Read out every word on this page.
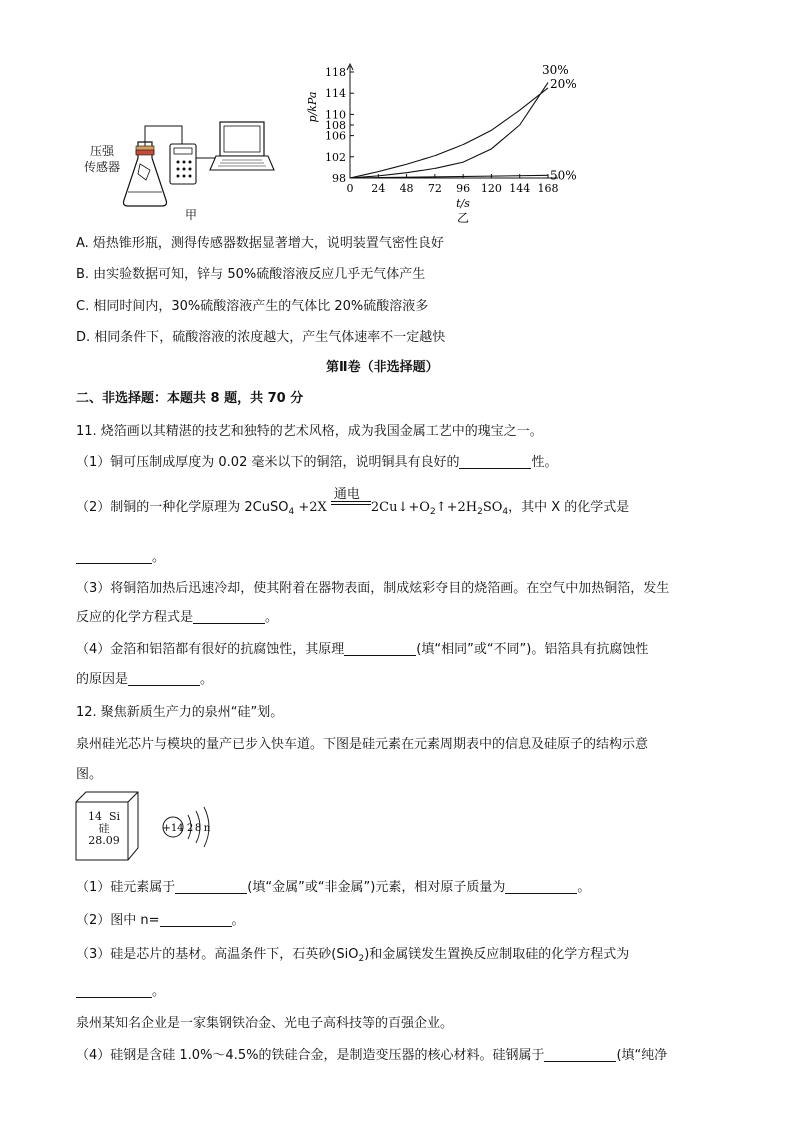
压强
传感器
甲
98
102
106
108
110
114
118
0 24 48 72 96 120 144 168
p/kPa
t/s
乙
30%
20%
50%
A. 焐热锥形瓶，测得传感器数据显著增大，说明装置气密性良好
B. 由实验数据可知，锌与 50%硫酸溶液反应几乎无气体产生
C. 相同时间内，30%硫酸溶液产生的气体比 20%硫酸溶液多
D. 相同条件下，硫酸溶液的浓度越大，产生气体速率不一定越快
第Ⅱ卷（非选择题）
二、非选择题：本题共 8 题，共 70 分
11. 烧箔画以其精湛的技艺和独特的艺术风格，成为我国金属工艺中的瑰宝之一。
（1）铜可压制成厚度为 0.02 毫米以下的铜箔，说明铜具有良好的	性。
（2）制铜的一种化学原理为 2CuSO$_4$ +2X
通电
$2Cu↓+O_2↑+2H_2SO_4$，其中 X 的化学式是
。
（3）将铜箔加热后迅速冷却，使其附着在器物表面，制成炫彩夺目的烧箔画。在空气中加热铜箔，发生
反应的化学方程式是	。
（4）金箔和铝箔都有很好的抗腐蚀性，其原理	(填“相同”或“不同”)。铝箔具有抗腐蚀性
的原因是	。
12. 聚焦新质生产力的泉州“硅”划。
泉州硅光芯片与模块的量产已步入快车道。下图是硅元素在元素周期表中的信息及硅原子的结构示意
图。
14 Si
硅
28.09
+14 2 8 n
（1）硅元素属于	(填“金属”或“非金属”)元素，相对原子质量为	。
（2）图中 n=	。
（3）硅是芯片的基材。高温条件下，石英砂(SiO$_2$)和金属镁发生置换反应制取硅的化学方程式为
。
泉州某知名企业是一家集钢铁冶金、光电子高科技等的百强企业。
（4）硅钢是含硅 1.0%～4.5%的铁硅合金，是制造变压器的核心材料。硅钢属于	(填“纯净
